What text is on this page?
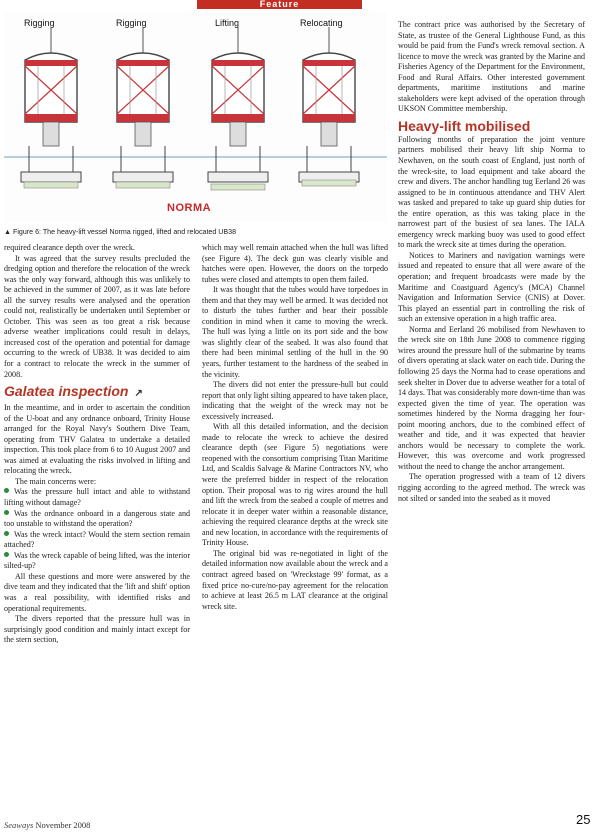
Feature
Rigging	Rigging	Lifting	Relocating
NORMA
▲ Figure 6: The heavy-lift vessel Norma rigged, lifted and relocated UB38

required clearance depth over the wreck.

It was agreed that the survey results precluded the dredging option and therefore the relocation of the wreck was the only way forward, although this was unlikely to be achieved in the summer of 2007, as it was late before all the survey results were analysed and the operation could not, realistically be undertaken until September or October. This was seen as too great a risk because adverse weather implications could result in delays, increased cost of the operation and potential for damage occurring to the wreck of UB38. It was decided to aim for a contract to relocate the wreck in the summer of 2008.

Galatea inspection ↗

In the meantime, and in order to ascertain the condition of the U-boat and any ordnance onboard, Trinity House arranged for the Royal Navy's Southern Dive Team, operating from THV Galatea to undertake a detailed inspection. This took place from 6 to 10 August 2007 and was aimed at evaluating the risks involved in lifting and relocating the wreck.

The main concerns were:

Was the pressure hull intact and able to withstand lifting without damage?

Was the ordnance onboard in a dangerous state and too unstable to withstand the operation?

Was the wreck intact? Would the stern section remain attached?

Was the wreck capable of being lifted, was the interior silted-up?

All these questions and more were answered by the dive team and they indicated that the 'lift and shift' option was a real possibility, with identified risks and operational requirements.

The divers reported that the pressure hull was in surprisingly good condition and mainly intact except for the stern section,

which may well remain attached when the hull was lifted (see Figure 4). The deck gun was clearly visible and hatches were open. However, the doors on the torpedo tubes were closed and attempts to open them failed.

It was thought that the tubes would have torpedoes in them and that they may well be armed. It was decided not to disturb the tubes further and bear their possible condition in mind when it came to moving the wreck. The hull was lying a little on its port side and the bow was slightly clear of the seabed. It was also found that there had been minimal settling of the hull in the 90 years, further testament to the hardness of the seabed in the vicinity.

The divers did not enter the pressure-hull but could report that only light silting appeared to have taken place, indicating that the weight of the wreck may not be excessively increased.

With all this detailed information, and the decision made to relocate the wreck to achieve the desired clearance depth (see Figure 5) negotiations were reopened with the consortium comprising Titan Maritime Ltd, and Scaldis Salvage & Marine Contractors NV, who were the preferred bidder in respect of the relocation option. Their proposal was to rig wires around the hull and lift the wreck from the seabed a couple of metres and relocate it in deeper water within a reasonable distance, achieving the required clearance depths at the wreck site and new location, in accordance with the requirements of Trinity House.

The original bid was re-negotiated in light of the detailed information now available about the wreck and a contract agreed based on 'Wreckstage 99' format, as a fixed price no-cure/no-pay agreement for the relocation to achieve at least 26.5 m LAT clearance at the original wreck site.

The contract price was authorised by the Secretary of State, as trustee of the General Lighthouse Fund, as this would be paid from the Fund's wreck removal section. A licence to move the wreck was granted by the Marine and Fisheries Agency of the Department for the Environment, Food and Rural Affairs. Other interested government departments, maritime institutions and marine stakeholders were kept advised of the operation through UKSON Committee membership.

Heavy-lift mobilised

Following months of preparation the joint venture partners mobilised their heavy lift ship Norma to Newhaven, on the south coast of England, just north of the wreck-site, to load equipment and take aboard the crew and divers. The anchor handling tug Eerland 26 was assigned to be in continuous attendance and THV Alert was tasked and prepared to take up guard ship duties for the entire operation, as this was taking place in the narrowest part of the busiest of sea lanes. The IALA emergency wreck marking buoy was used to good effect to mark the wreck site at times during the operation.

Notices to Mariners and navigation warnings were issued and repeated to ensure that all were aware of the operation; and frequent broadcasts were made by the Maritime and Coastguard Agency's (MCA) Channel Navigation and Information Service (CNIS) at Dover. This played an essential part in controlling the risk of such an extensive operation in a high traffic area.

Norma and Eerland 26 mobilised from Newhaven to the wreck site on 18th June 2008 to commence rigging wires around the pressure hull of the submarine by teams of divers operating at slack water on each tide. During the following 25 days the Norma had to cease operations and seek shelter in Dover due to adverse weather for a total of 14 days. That was considerably more down-time than was expected given the time of year. The operation was sometimes hindered by the Norma dragging her four-point mooring anchors, due to the combined effect of weather and tide, and it was expected that heavier anchors would be necessary to complete the work. However, this was overcome and work progressed without the need to change the anchor arrangement.

The operation progressed with a team of 12 divers rigging according to the agreed method. The wreck was not silted or sanded into the seabed as it moved

Seaways November 2008	25
